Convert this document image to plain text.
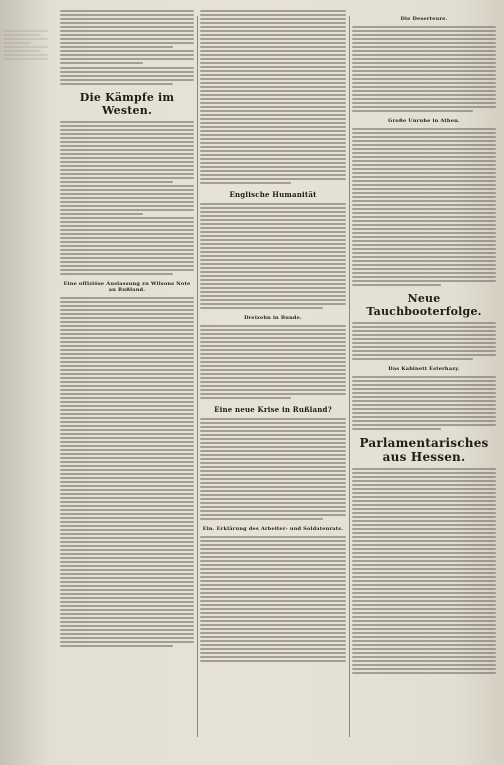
Die Kämpfe im Westen.
Eine offiziöse Auslassung zu Wilsons Note an Rußland.
Englische Humanität
Dreizehn in Bunde.
Eine neue Krise in Rußland?
Ein. Erklärung des Arbeiter- und Soldatenrats.
Die Deserteure.
Große Unruhe in Athen.
Neue Tauchbooterfolge.
Das Kabinett Esterhazy.
Parlamentarisches aus Hessen.
